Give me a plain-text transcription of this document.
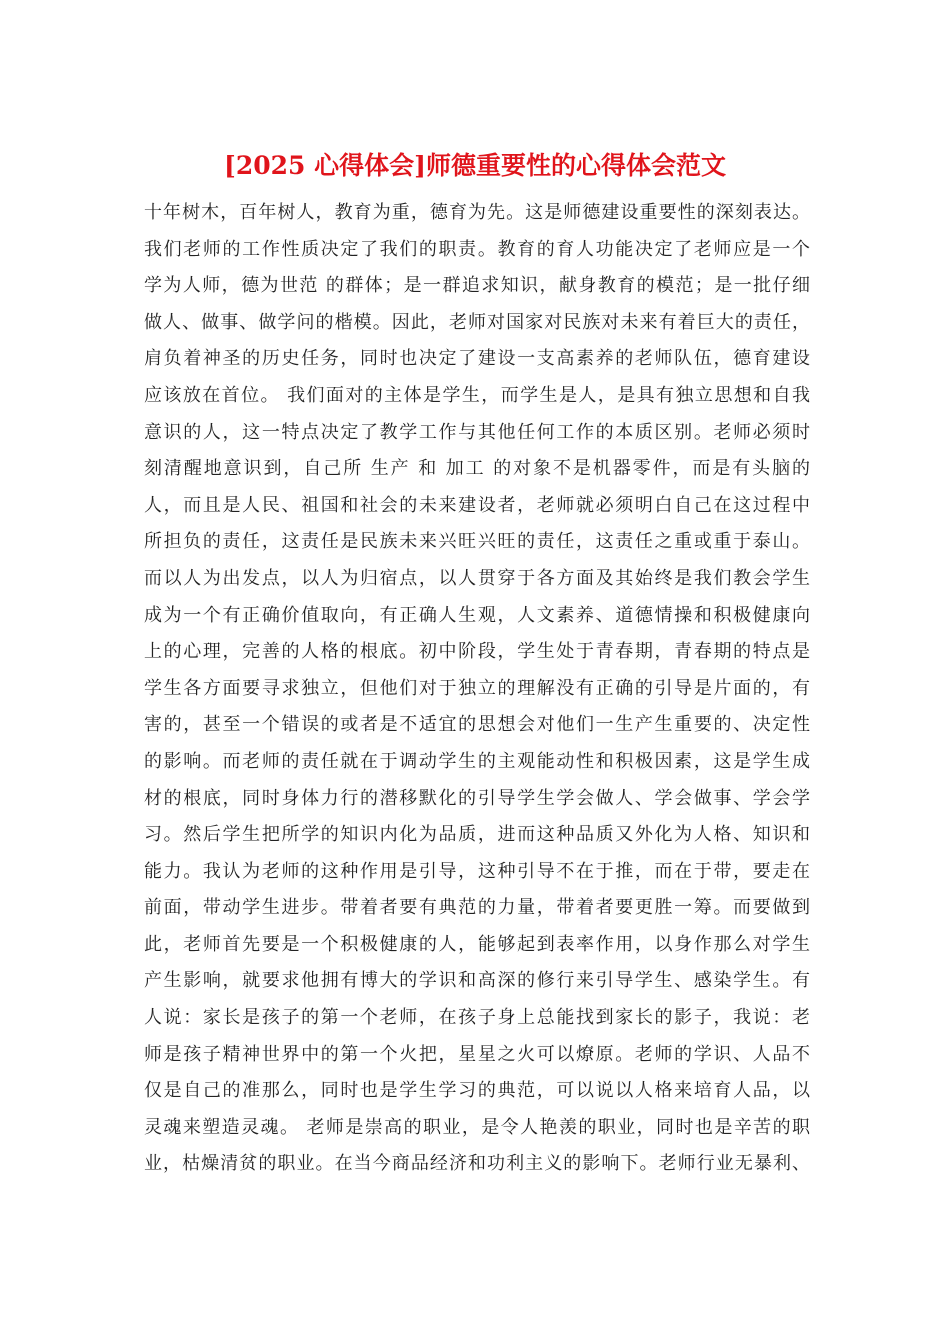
[2025 心得体会]师德重要性的心得体会范文
十年树木，百年树人，教育为重，德育为先。这是师德建设重要性的深刻表达。
我们老师的工作性质决定了我们的职责。教育的育人功能决定了老师应是一个
学为人师，德为世范 的群体；是一群追求知识，献身教育的模范；是一批仔细
做人、做事、做学问的楷模。因此，老师对国家对民族对未来有着巨大的责任，
肩负着神圣的历史任务，同时也决定了建设一支高素养的老师队伍，德育建设
应该放在首位。 我们面对的主体是学生，而学生是人，是具有独立思想和自我
意识的人，这一特点决定了教学工作与其他任何工作的本质区别。老师必须时
刻清醒地意识到，自己所 生产 和 加工 的对象不是机器零件，而是有头脑的
人，而且是人民、祖国和社会的未来建设者，老师就必须明白自己在这过程中
所担负的责任，这责任是民族未来兴旺兴旺的责任，这责任之重或重于泰山。
而以人为出发点，以人为归宿点，以人贯穿于各方面及其始终是我们教会学生
成为一个有正确价值取向，有正确人生观，人文素养、道德情操和积极健康向
上的心理，完善的人格的根底。初中阶段，学生处于青春期，青春期的特点是
学生各方面要寻求独立，但他们对于独立的理解没有正确的引导是片面的，有
害的，甚至一个错误的或者是不适宜的思想会对他们一生产生重要的、决定性
的影响。而老师的责任就在于调动学生的主观能动性和积极因素，这是学生成
材的根底，同时身体力行的潜移默化的引导学生学会做人、学会做事、学会学
习。然后学生把所学的知识内化为品质，进而这种品质又外化为人格、知识和
能力。我认为老师的这种作用是引导，这种引导不在于推，而在于带，要走在
前面，带动学生进步。带着者要有典范的力量，带着者要更胜一筹。而要做到
此，老师首先要是一个积极健康的人，能够起到表率作用，以身作那么对学生
产生影响，就要求他拥有博大的学识和高深的修行来引导学生、感染学生。有
人说：家长是孩子的第一个老师，在孩子身上总能找到家长的影子，我说：老
师是孩子精神世界中的第一个火把，星星之火可以燎原。老师的学识、人品不
仅是自己的准那么，同时也是学生学习的典范，可以说以人格来培育人品，以
灵魂来塑造灵魂。 老师是崇高的职业，是令人艳羡的职业，同时也是辛苦的职
业，枯燥清贫的职业。在当今商品经济和功利主义的影响下。老师行业无暴利、
